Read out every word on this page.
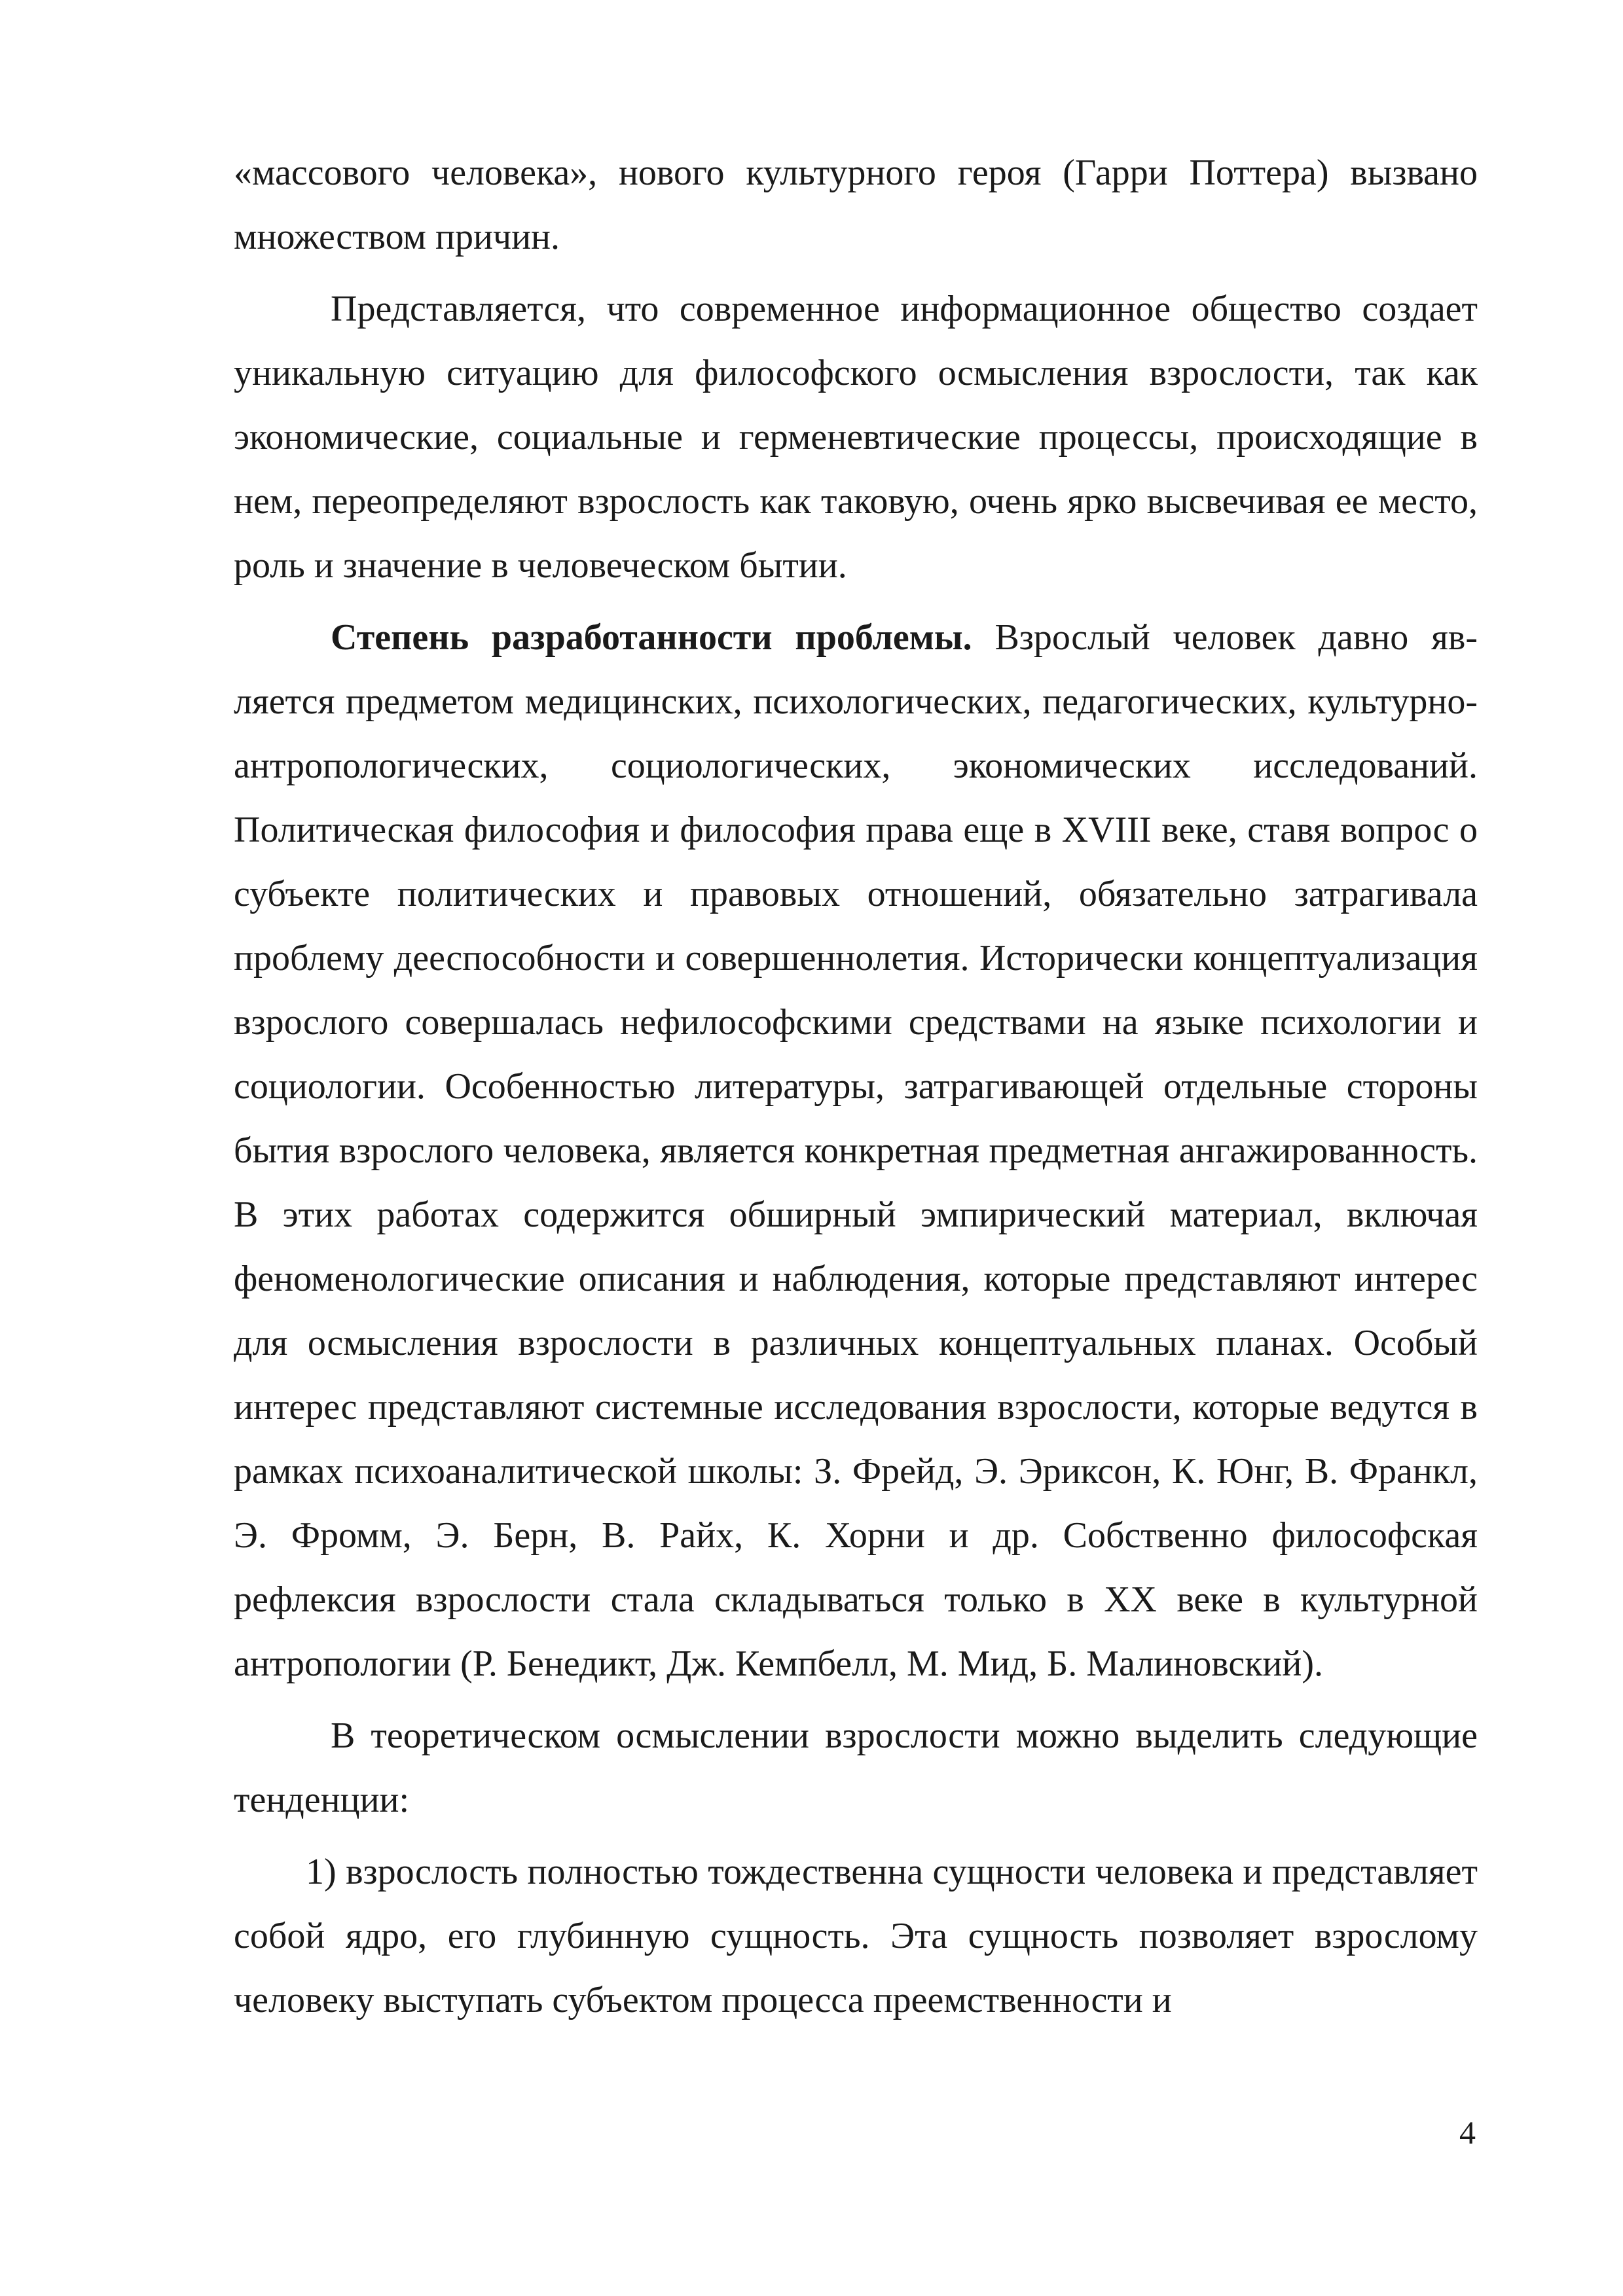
«массового человека», нового культурного героя (Гарри Поттера) вызвано множеством причин.

Представляется, что современное информационное общество создает уникальную ситуацию для философского осмысления взрослости, так как экономические, социальные и герменевтические процессы, происходящие в нем, переопределяют взрослость как таковую, очень ярко высвечивая ее место, роль и значение в человеческом бытии.

Степень разработанности проблемы. Взрослый человек давно является предметом медицинских, психологических, педагогических, культурно-антропологических, социологических, экономических исследований. Политическая философия и философия права еще в XVIII веке, ставя вопрос о субъекте политических и правовых отношений, обязательно затрагивала проблему дееспособности и совершеннолетия. Исторически концептуализация взрослого совершалась нефилософскими средствами на языке психологии и социологии. Особенностью литературы, затрагивающей отдельные стороны бытия взрослого человека, является конкретная предметная ангажированность. В этих работах содержится обширный эмпирический материал, включая феноменологические описания и наблюдения, которые представляют интерес для осмысления взрослости в различных концептуальных планах. Особый интерес представляют системные исследования взрослости, которые ведутся в рамках психоаналитической школы: З. Фрейд, Э. Эриксон, К. Юнг, В. Франкл, Э. Фромм, Э. Берн, В. Райх, К. Хорни и др. Собственно философская рефлексия взрослости стала складываться только в XX веке в культурной антропологии (Р. Бенедикт, Дж. Кемпбелл, М. Мид, Б. Малиновский).

В теоретическом осмыслении взрослости можно выделить следующие тенденции:

1) взрослость полностью тождественна сущности человека и представляет собой ядро, его глубинную сущность. Эта сущность позволяет взрослому человеку выступать субъектом процесса преемственности и

4
